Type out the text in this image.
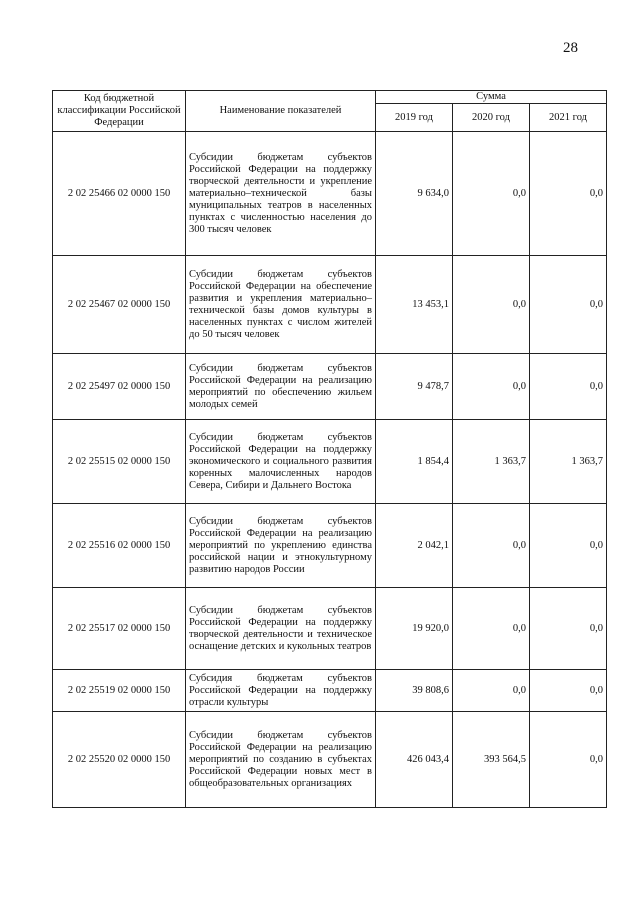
28
Код бюджетной классификации Российской Федерации	Наименование показателей	Сумма		
		2019 год	2020 год	2021 год
2 02 25466 02 0000 150	Субсидии бюджетам субъектов Российской Федерации на поддержку творческой деятельности и укрепление материально–технической базы муниципальных театров в населенных пунктах с численностью населения до 300 тысяч человек	9 634,0	0,0	0,0
2 02 25467 02 0000 150	Субсидии бюджетам субъектов Российской Федерации на обеспечение развития и укрепления материально–технической базы домов культуры в населенных пунктах с числом жителей до 50 тысяч человек	13 453,1	0,0	0,0
2 02 25497 02 0000 150	Субсидии бюджетам субъектов Российской Федерации на реализацию мероприятий по обеспечению жильем молодых семей	9 478,7	0,0	0,0
2 02 25515 02 0000 150	Субсидии бюджетам субъектов Российской Федерации на поддержку экономического и социального развития коренных малочисленных народов Севера, Сибири и Дальнего Востока	1 854,4	1 363,7	1 363,7
2 02 25516 02 0000 150	Субсидии бюджетам субъектов Российской Федерации на реализацию мероприятий по укреплению единства российской нации и этнокультурному развитию народов России	2 042,1	0,0	0,0
2 02 25517 02 0000 150	Субсидии бюджетам субъектов Российской Федерации на поддержку творческой деятельности и техническое оснащение детских и кукольных театров	19 920,0	0,0	0,0
2 02 25519 02 0000 150	Субсидия бюджетам субъектов Российской Федерации на поддержку отрасли культуры	39 808,6	0,0	0,0
2 02 25520 02 0000 150	Субсидии бюджетам субъектов Российской Федерации на реализацию мероприятий по созданию в субъектах Российской Федерации новых мест в общеобразовательных организациях	426 043,4	393 564,5	0,0
